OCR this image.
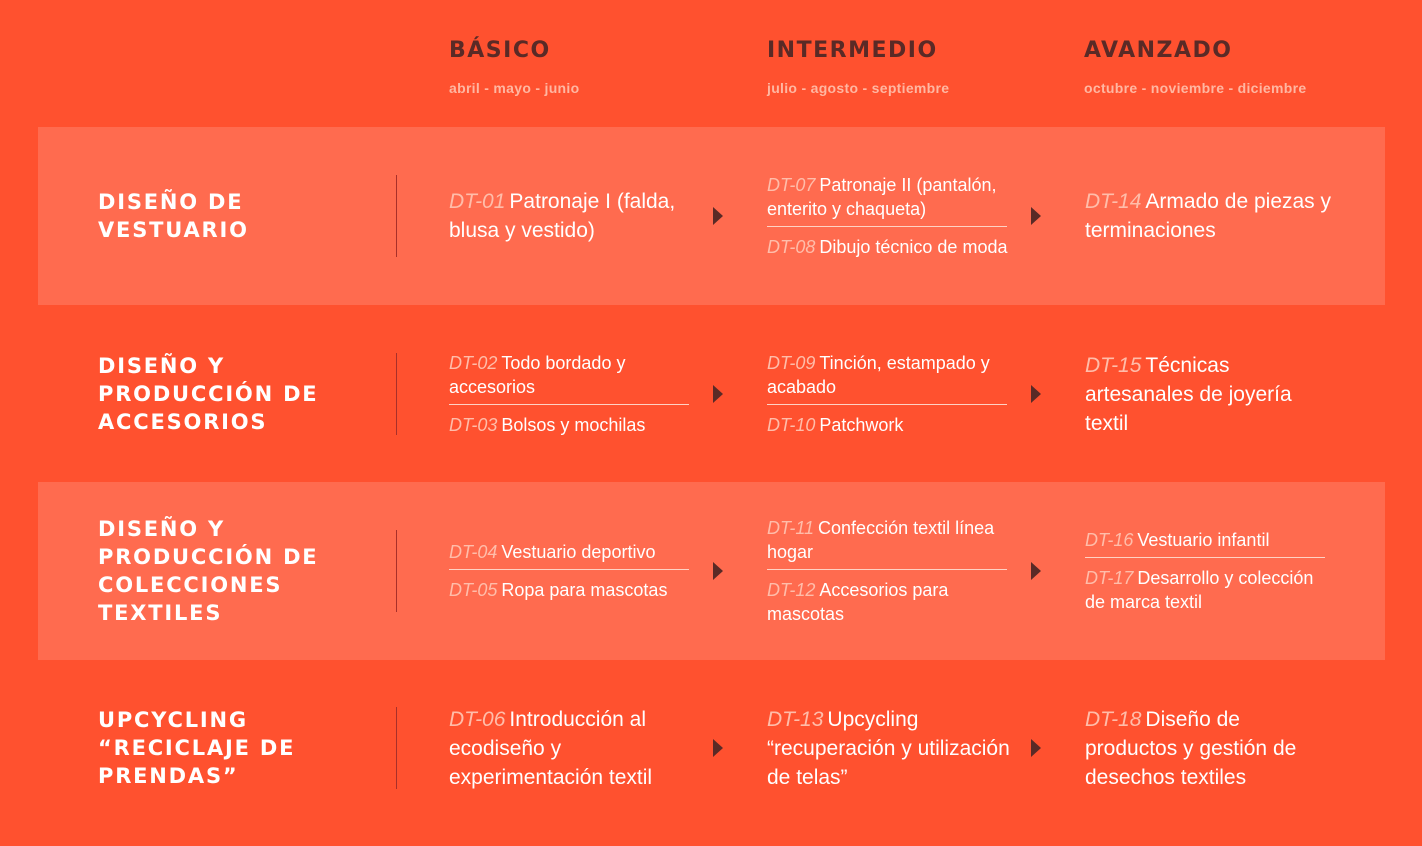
BÁSICO
abril - mayo - junio
INTERMEDIO
julio - agosto - septiembre
AVANZADO
octubre - noviembre - diciembre
DISEÑO DE
VESTUARIO
DT-01 Patronaje I (falda, blusa y vestido)
DT-07 Patronaje II (pantalón, enterito y chaqueta)
DT-08 Dibujo técnico de moda
DT-14 Armado de piezas y terminaciones
DISEÑO Y
PRODUCCIÓN DE
ACCESORIOS
DT-02 Todo bordado y accesorios
DT-03 Bolsos y mochilas
DT-09 Tinción, estampado y acabado
DT-10 Patchwork
DT-15 Técnicas artesanales de joyería textil
DISEÑO Y
PRODUCCIÓN DE
COLECCIONES
TEXTILES
DT-04 Vestuario deportivo
DT-05 Ropa para mascotas
DT-11 Confección textil línea hogar
DT-12 Accesorios para mascotas
DT-16 Vestuario infantil
DT-17 Desarrollo y colección de marca textil
UPCYCLING
“RECICLAJE DE
PRENDAS”
DT-06 Introducción al ecodiseño y experimentación textil
DT-13 Upcycling “recuperación y utilización de telas”
DT-18 Diseño de productos y gestión de desechos textiles
